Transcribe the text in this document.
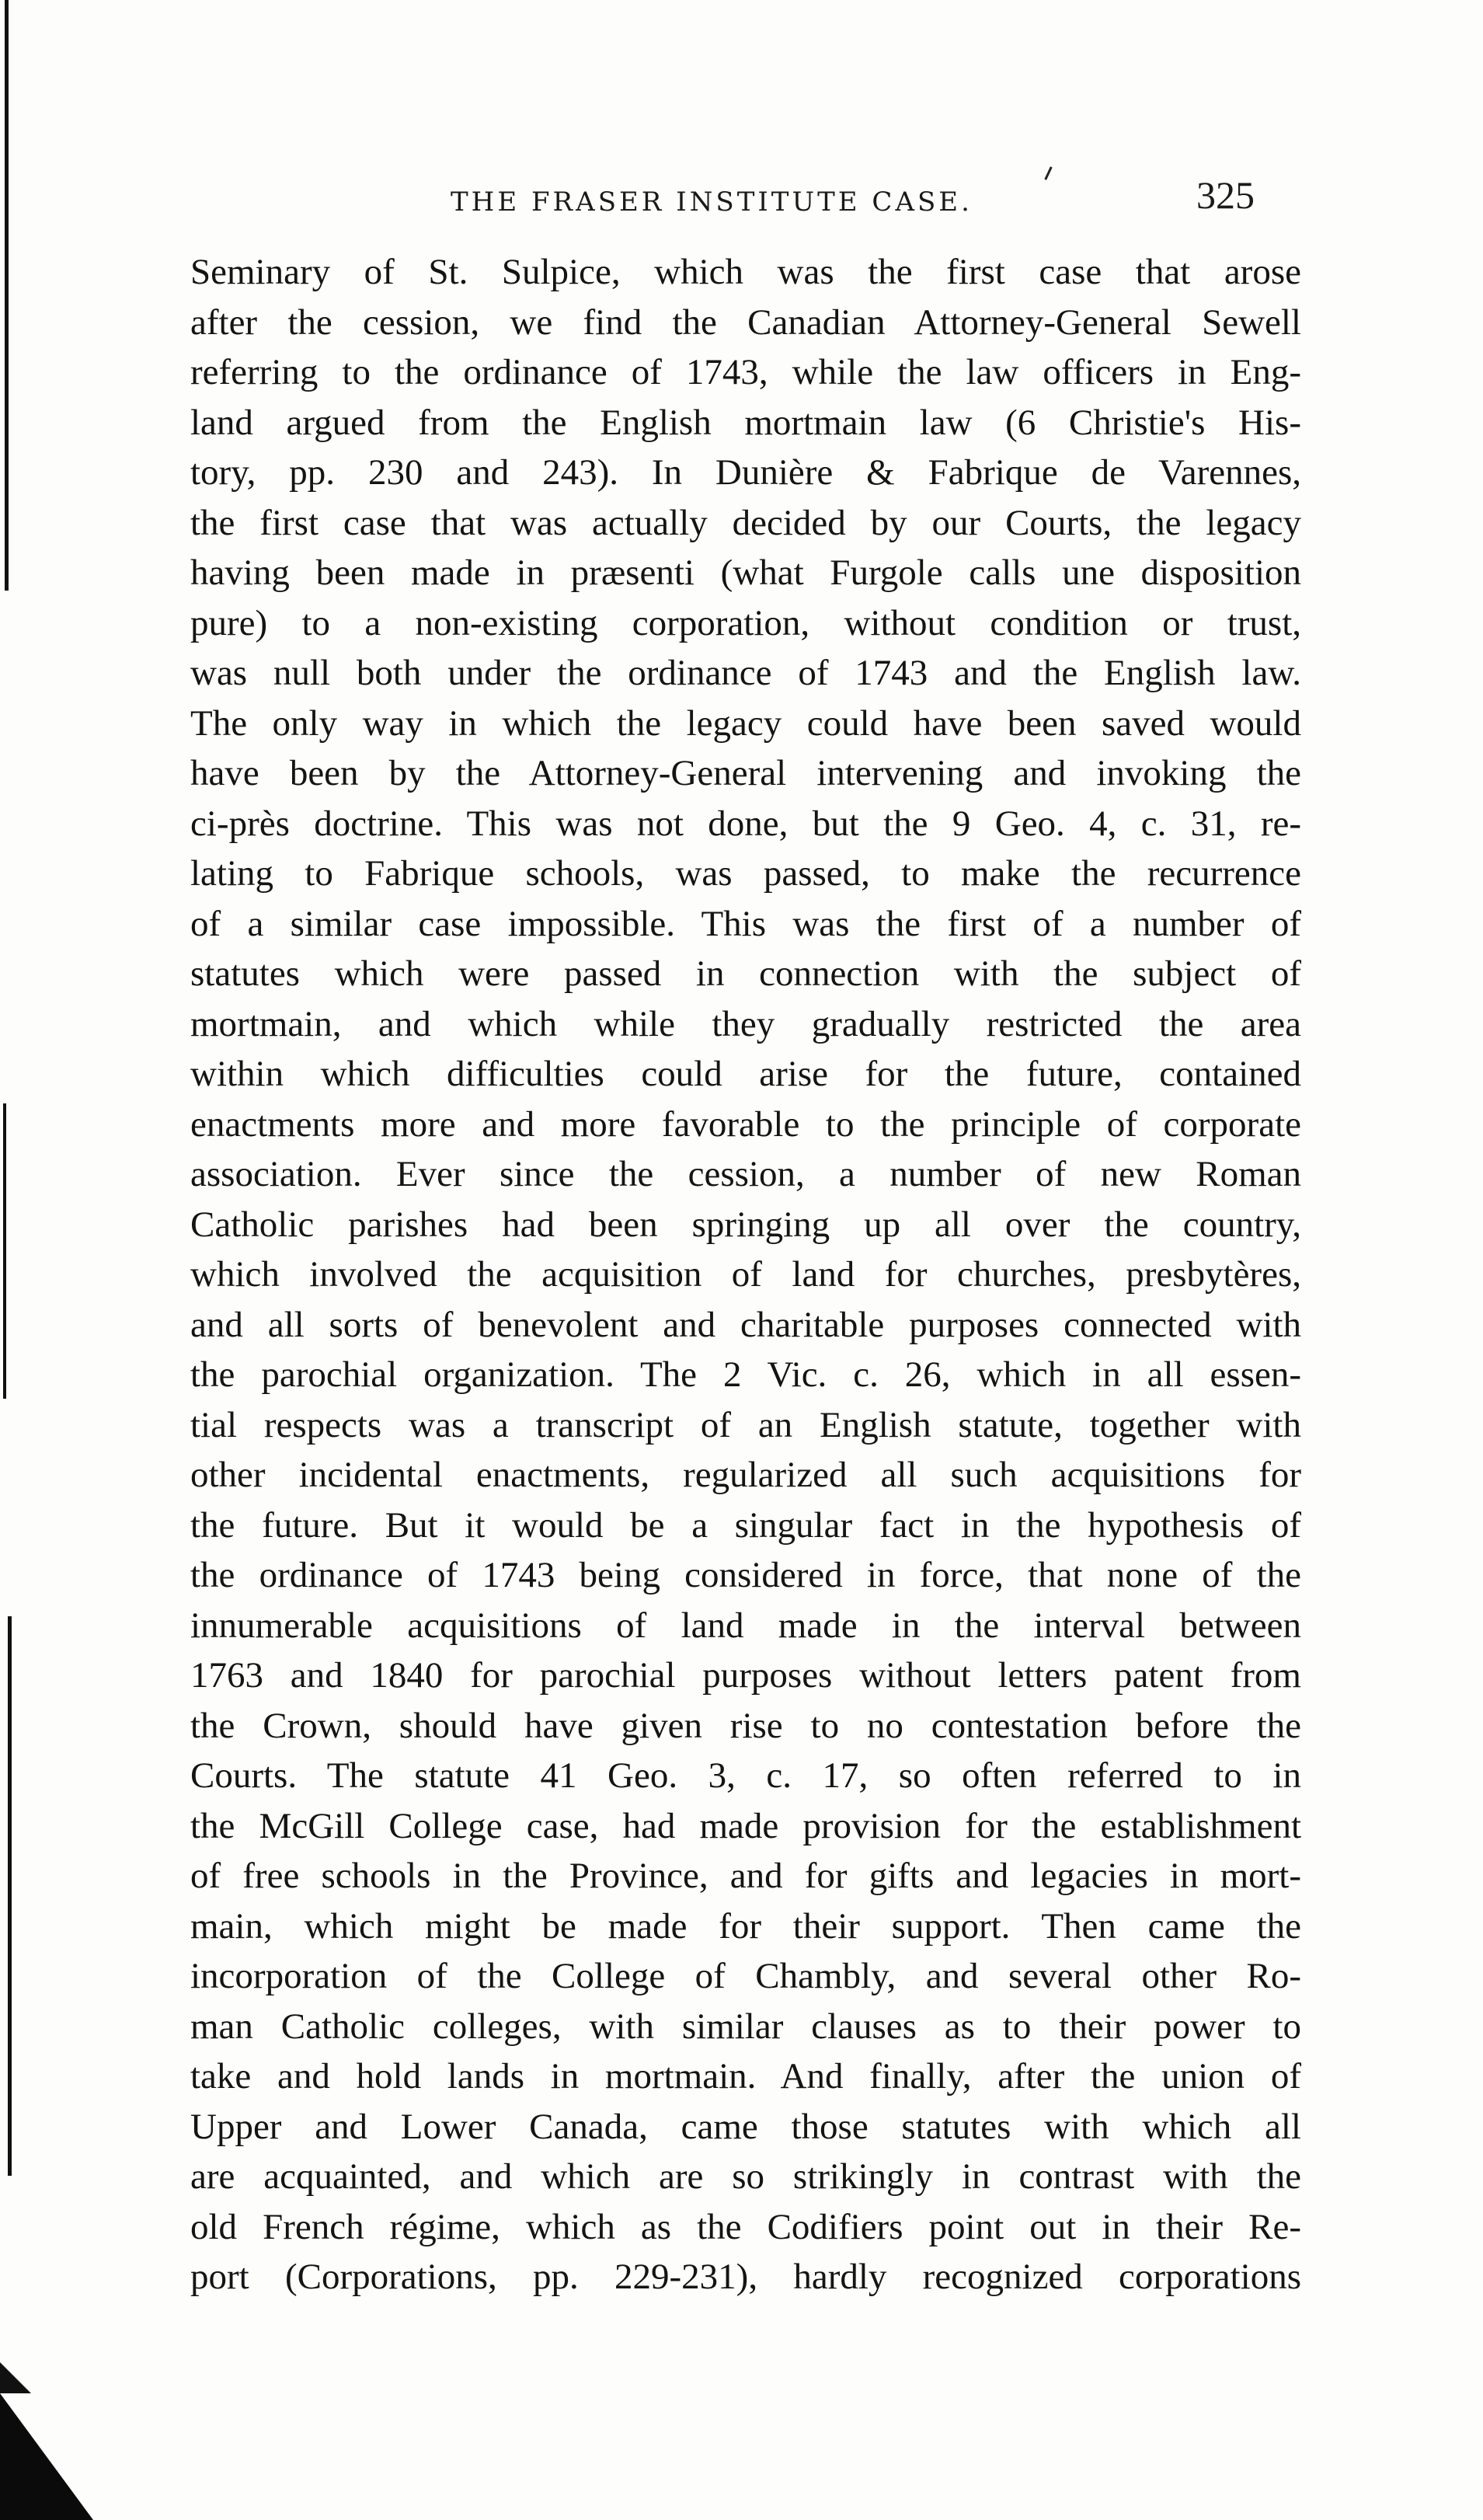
THE FRASER INSTITUTE CASE.	325
Seminary of St. Sulpice, which was the first case that arose
after the cession, we find the Canadian Attorney-General Sewell
referring to the ordinance of 1743, while the law officers in Eng-
land argued from the English mortmain law (6 Christie's His-
tory, pp. 230 and 243). In Dunière & Fabrique de Varennes,
the first case that was actually decided by our Courts, the legacy
having been made in præsenti (what Furgole calls une disposition
pure) to a non-existing corporation, without condition or trust,
was null both under the ordinance of 1743 and the English law.
The only way in which the legacy could have been saved would
have been by the Attorney-General intervening and invoking the
ci-près doctrine. This was not done, but the 9 Geo. 4, c. 31, re-
lating to Fabrique schools, was passed, to make the recurrence
of a similar case impossible. This was the first of a number of
statutes which were passed in connection with the subject of
mortmain, and which while they gradually restricted the area
within which difficulties could arise for the future, contained
enactments more and more favorable to the principle of corporate
association. Ever since the cession, a number of new Roman
Catholic parishes had been springing up all over the country,
which involved the acquisition of land for churches, presbytères,
and all sorts of benevolent and charitable purposes connected with
the parochial organization. The 2 Vic. c. 26, which in all essen-
tial respects was a transcript of an English statute, together with
other incidental enactments, regularized all such acquisitions for
the future. But it would be a singular fact in the hypothesis of
the ordinance of 1743 being considered in force, that none of the
innumerable acquisitions of land made in the interval between
1763 and 1840 for parochial purposes without letters patent from
the Crown, should have given rise to no contestation before the
Courts. The statute 41 Geo. 3, c. 17, so often referred to in
the McGill College case, had made provision for the establishment
of free schools in the Province, and for gifts and legacies in mort-
main, which might be made for their support. Then came the
incorporation of the College of Chambly, and several other Ro-
man Catholic colleges, with similar clauses as to their power to
take and hold lands in mortmain. And finally, after the union of
Upper and Lower Canada, came those statutes with which all
are acquainted, and which are so strikingly in contrast with the
old French régime, which as the Codifiers point out in their Re-
port (Corporations, pp. 229-231), hardly recognized corporations
